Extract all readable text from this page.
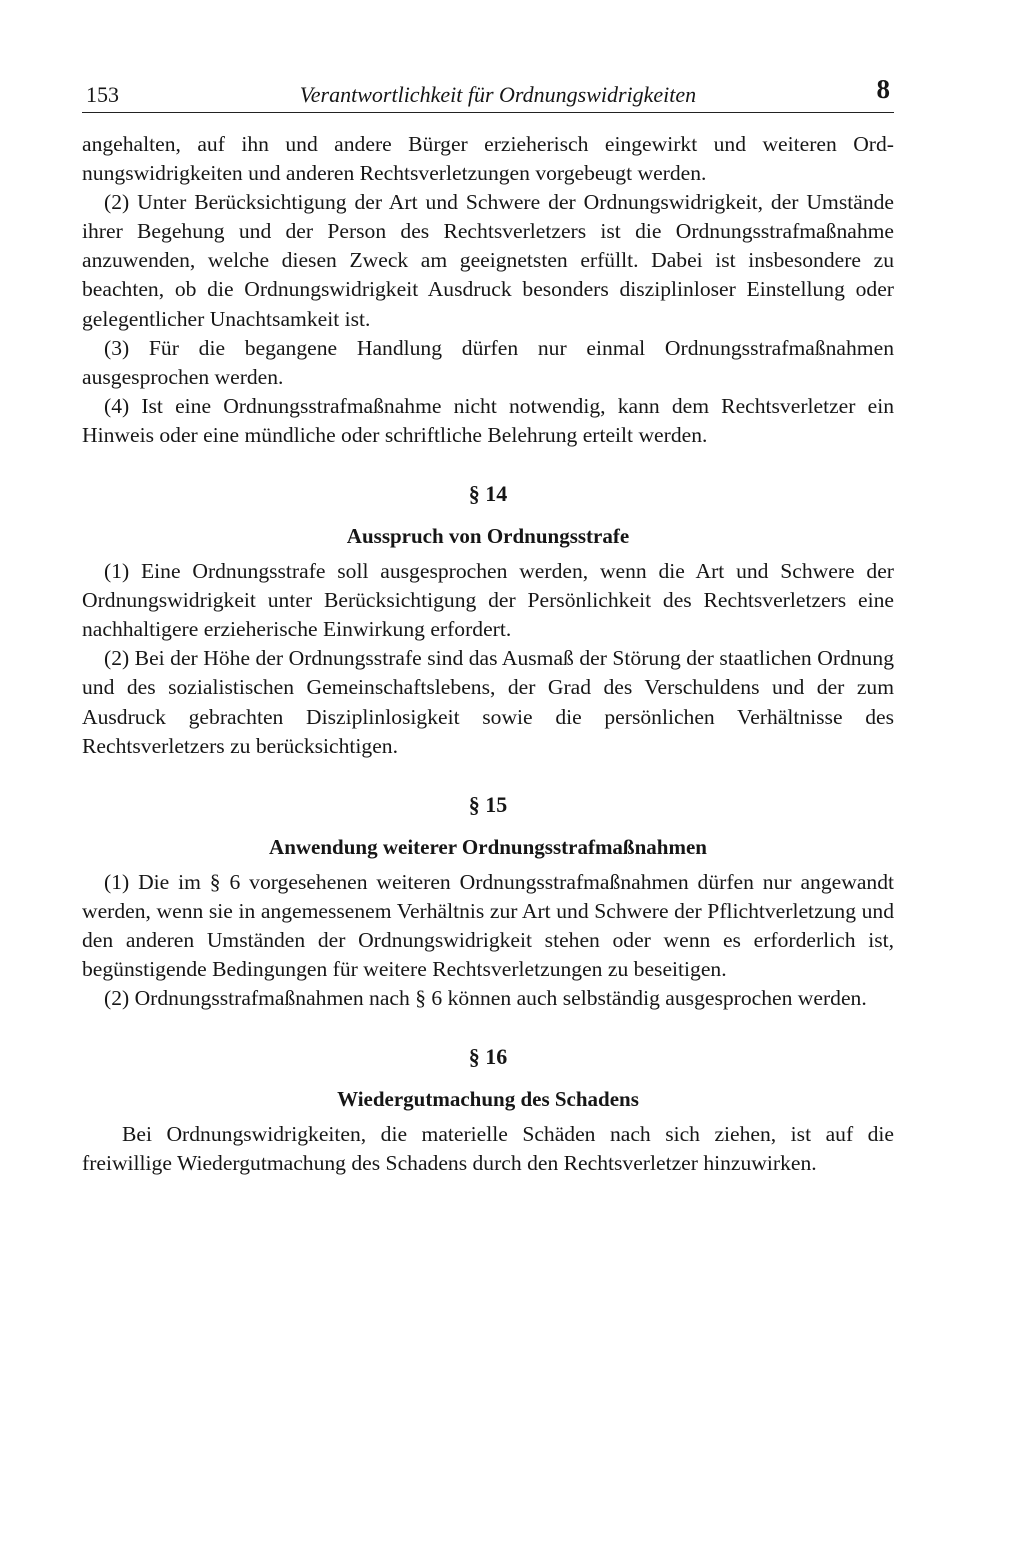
153	Verantwortlichkeit für Ordnungswidrigkeiten	8

angehalten, auf ihn und andere Bürger erzieherisch eingewirkt und weiteren Ordnungswidrigkeiten und anderen Rechtsverletzungen vorgebeugt werden.

(2) Unter Berücksichtigung der Art und Schwere der Ordnungswidrigkeit, der Umstände ihrer Begehung und der Person des Rechtsverletzers ist die Ordnungsstrafmaßnahme anzuwenden, welche diesen Zweck am geeignetsten erfüllt. Dabei ist insbesondere zu beachten, ob die Ordnungswidrigkeit Ausdruck besonders disziplinloser Einstellung oder gelegentlicher Unachtsamkeit ist.

(3) Für die begangene Handlung dürfen nur einmal Ordnungsstrafmaßnahmen ausgesprochen werden.

(4) Ist eine Ordnungsstrafmaßnahme nicht notwendig, kann dem Rechtsverletzer ein Hinweis oder eine mündliche oder schriftliche Belehrung erteilt werden.

§ 14
Ausspruch von Ordnungsstrafe

(1) Eine Ordnungsstrafe soll ausgesprochen werden, wenn die Art und Schwere der Ordnungswidrigkeit unter Berücksichtigung der Persönlichkeit des Rechtsverletzers eine nachhaltigere erzieherische Einwirkung erfordert.

(2) Bei der Höhe der Ordnungsstrafe sind das Ausmaß der Störung der staatlichen Ordnung und des sozialistischen Gemeinschaftslebens, der Grad des Verschuldens und der zum Ausdruck gebrachten Disziplinlosigkeit sowie die persönlichen Verhältnisse des Rechtsverletzers zu berücksichtigen.

§ 15
Anwendung weiterer Ordnungsstrafmaßnahmen

(1) Die im § 6 vorgesehenen weiteren Ordnungsstrafmaßnahmen dürfen nur angewandt werden, wenn sie in angemessenem Verhältnis zur Art und Schwere der Pflichtverletzung und den anderen Umständen der Ordnungswidrigkeit stehen oder wenn es erforderlich ist, begünstigende Bedingungen für weitere Rechtsverletzungen zu beseitigen.

(2) Ordnungsstrafmaßnahmen nach § 6 können auch selbständig ausgesprochen werden.

§ 16
Wiedergutmachung des Schadens

Bei Ordnungswidrigkeiten, die materielle Schäden nach sich ziehen, ist auf die freiwillige Wiedergutmachung des Schadens durch den Rechtsverletzer hinzuwirken.
